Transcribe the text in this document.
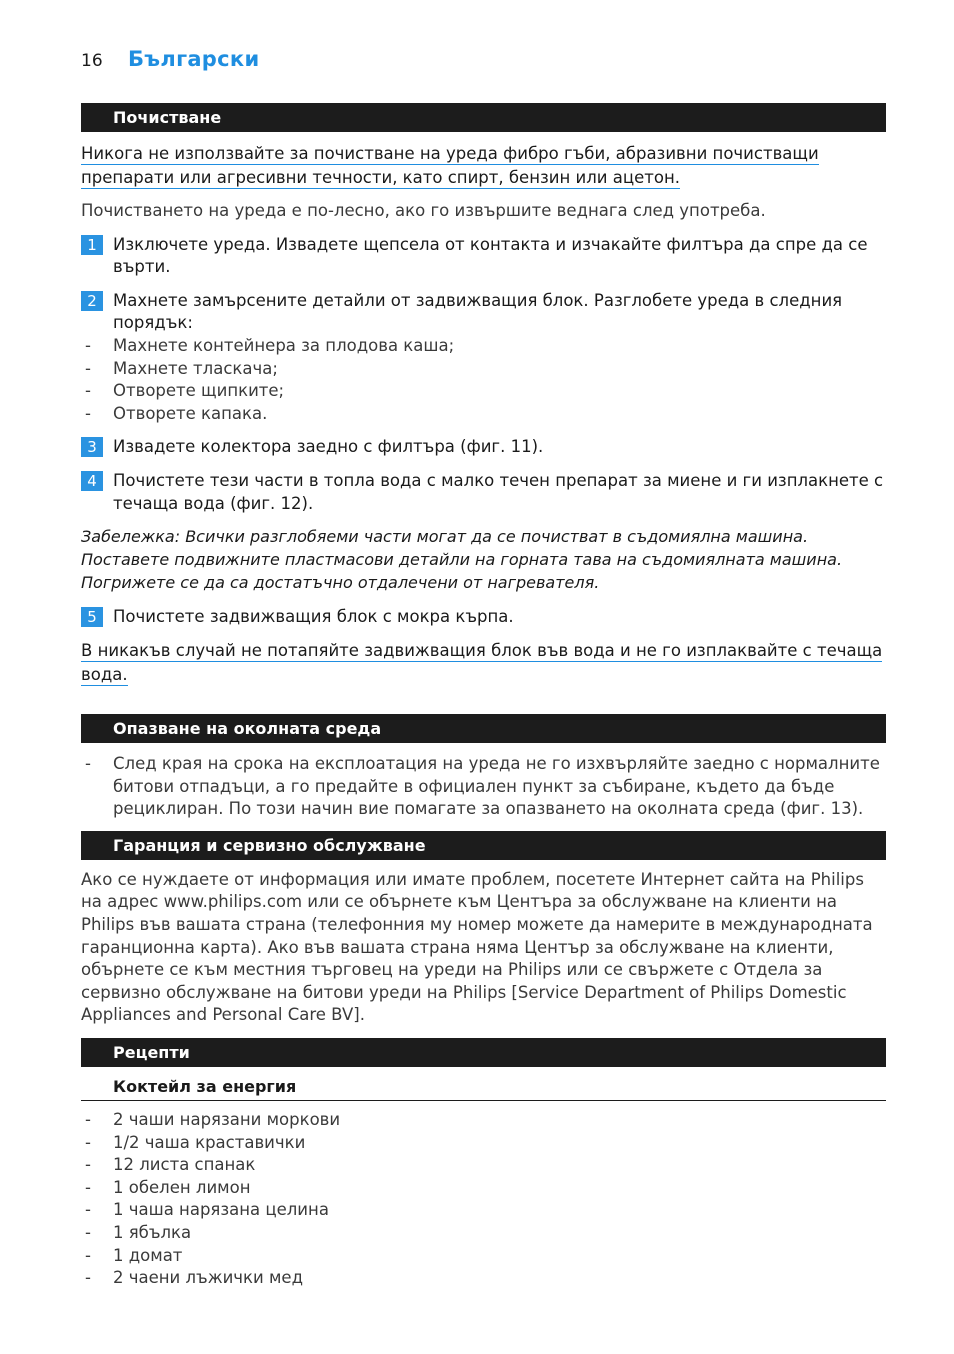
16	Български
Почистване
Никога не използвайте за почистване на уреда фибро гъби, абразивни почистващи
препарати или агресивни течности, като спирт, бензин или ацетон.
Почистването на уреда е по-лесно, ако го извършите веднага след употреба.
1 Изключете уреда. Извадете щепсела от контакта и изчакайте филтъра да спре да се върти.
2 Махнете замърсените детайли от задвижващия блок. Разглобете уреда в следния порядък:
- Махнете контейнера за плодова каша;
- Махнете тласкача;
- Отворете щипките;
- Отворете капака.
3 Извадете колектора заедно с филтъра (фиг. 11).
4 Почистете тези части в топла вода с малко течен препарат за миене и ги изплакнете с течаща вода (фиг. 12).
Забележка: Всички разглобяеми части могат да се почистват в съдомиялна машина.
Поставете подвижните пластмасови детайли на горната тава на съдомиялната машина.
Погрижете се да са достатъчно отдалечени от нагревателя.
5 Почистете задвижващия блок с мокра кърпа.
В никакъв случай не потапяйте задвижващия блок във вода и не го изплаквайте с течаща
вода.
Опазване на околната среда
- След края на срока на експлоатация на уреда не го изхвърляйте заедно с нормалните битови отпадъци, а го предайте в официален пункт за събиране, където да бъде рециклиран. По този начин вие помагате за опазването на околната среда (фиг. 13).
Гаранция и сервизно обслужване
Ако се нуждаете от информация или имате проблем, посетете Интернет сайта на Philips на адрес www.philips.com или се обърнете към Центъра за обслужване на клиенти на Philips във вашата страна (телефонния му номер можете да намерите в международната гаранционна карта). Ако във вашата страна няма Център за обслужване на клиенти, обърнете се към местния търговец на уреди на Philips или се свържете с Отдела за сервизно обслужване на битови уреди на Philips [Service Department of Philips Domestic Appliances and Personal Care BV].
Рецепти
Коктейл за енергия
- 2 чаши нарязани моркови
- 1/2 чаша краставички
- 12 листа спанак
- 1 обелен лимон
- 1 чаша нарязана целина
- 1 ябълка
- 1 домат
- 2 чаени лъжички мед
